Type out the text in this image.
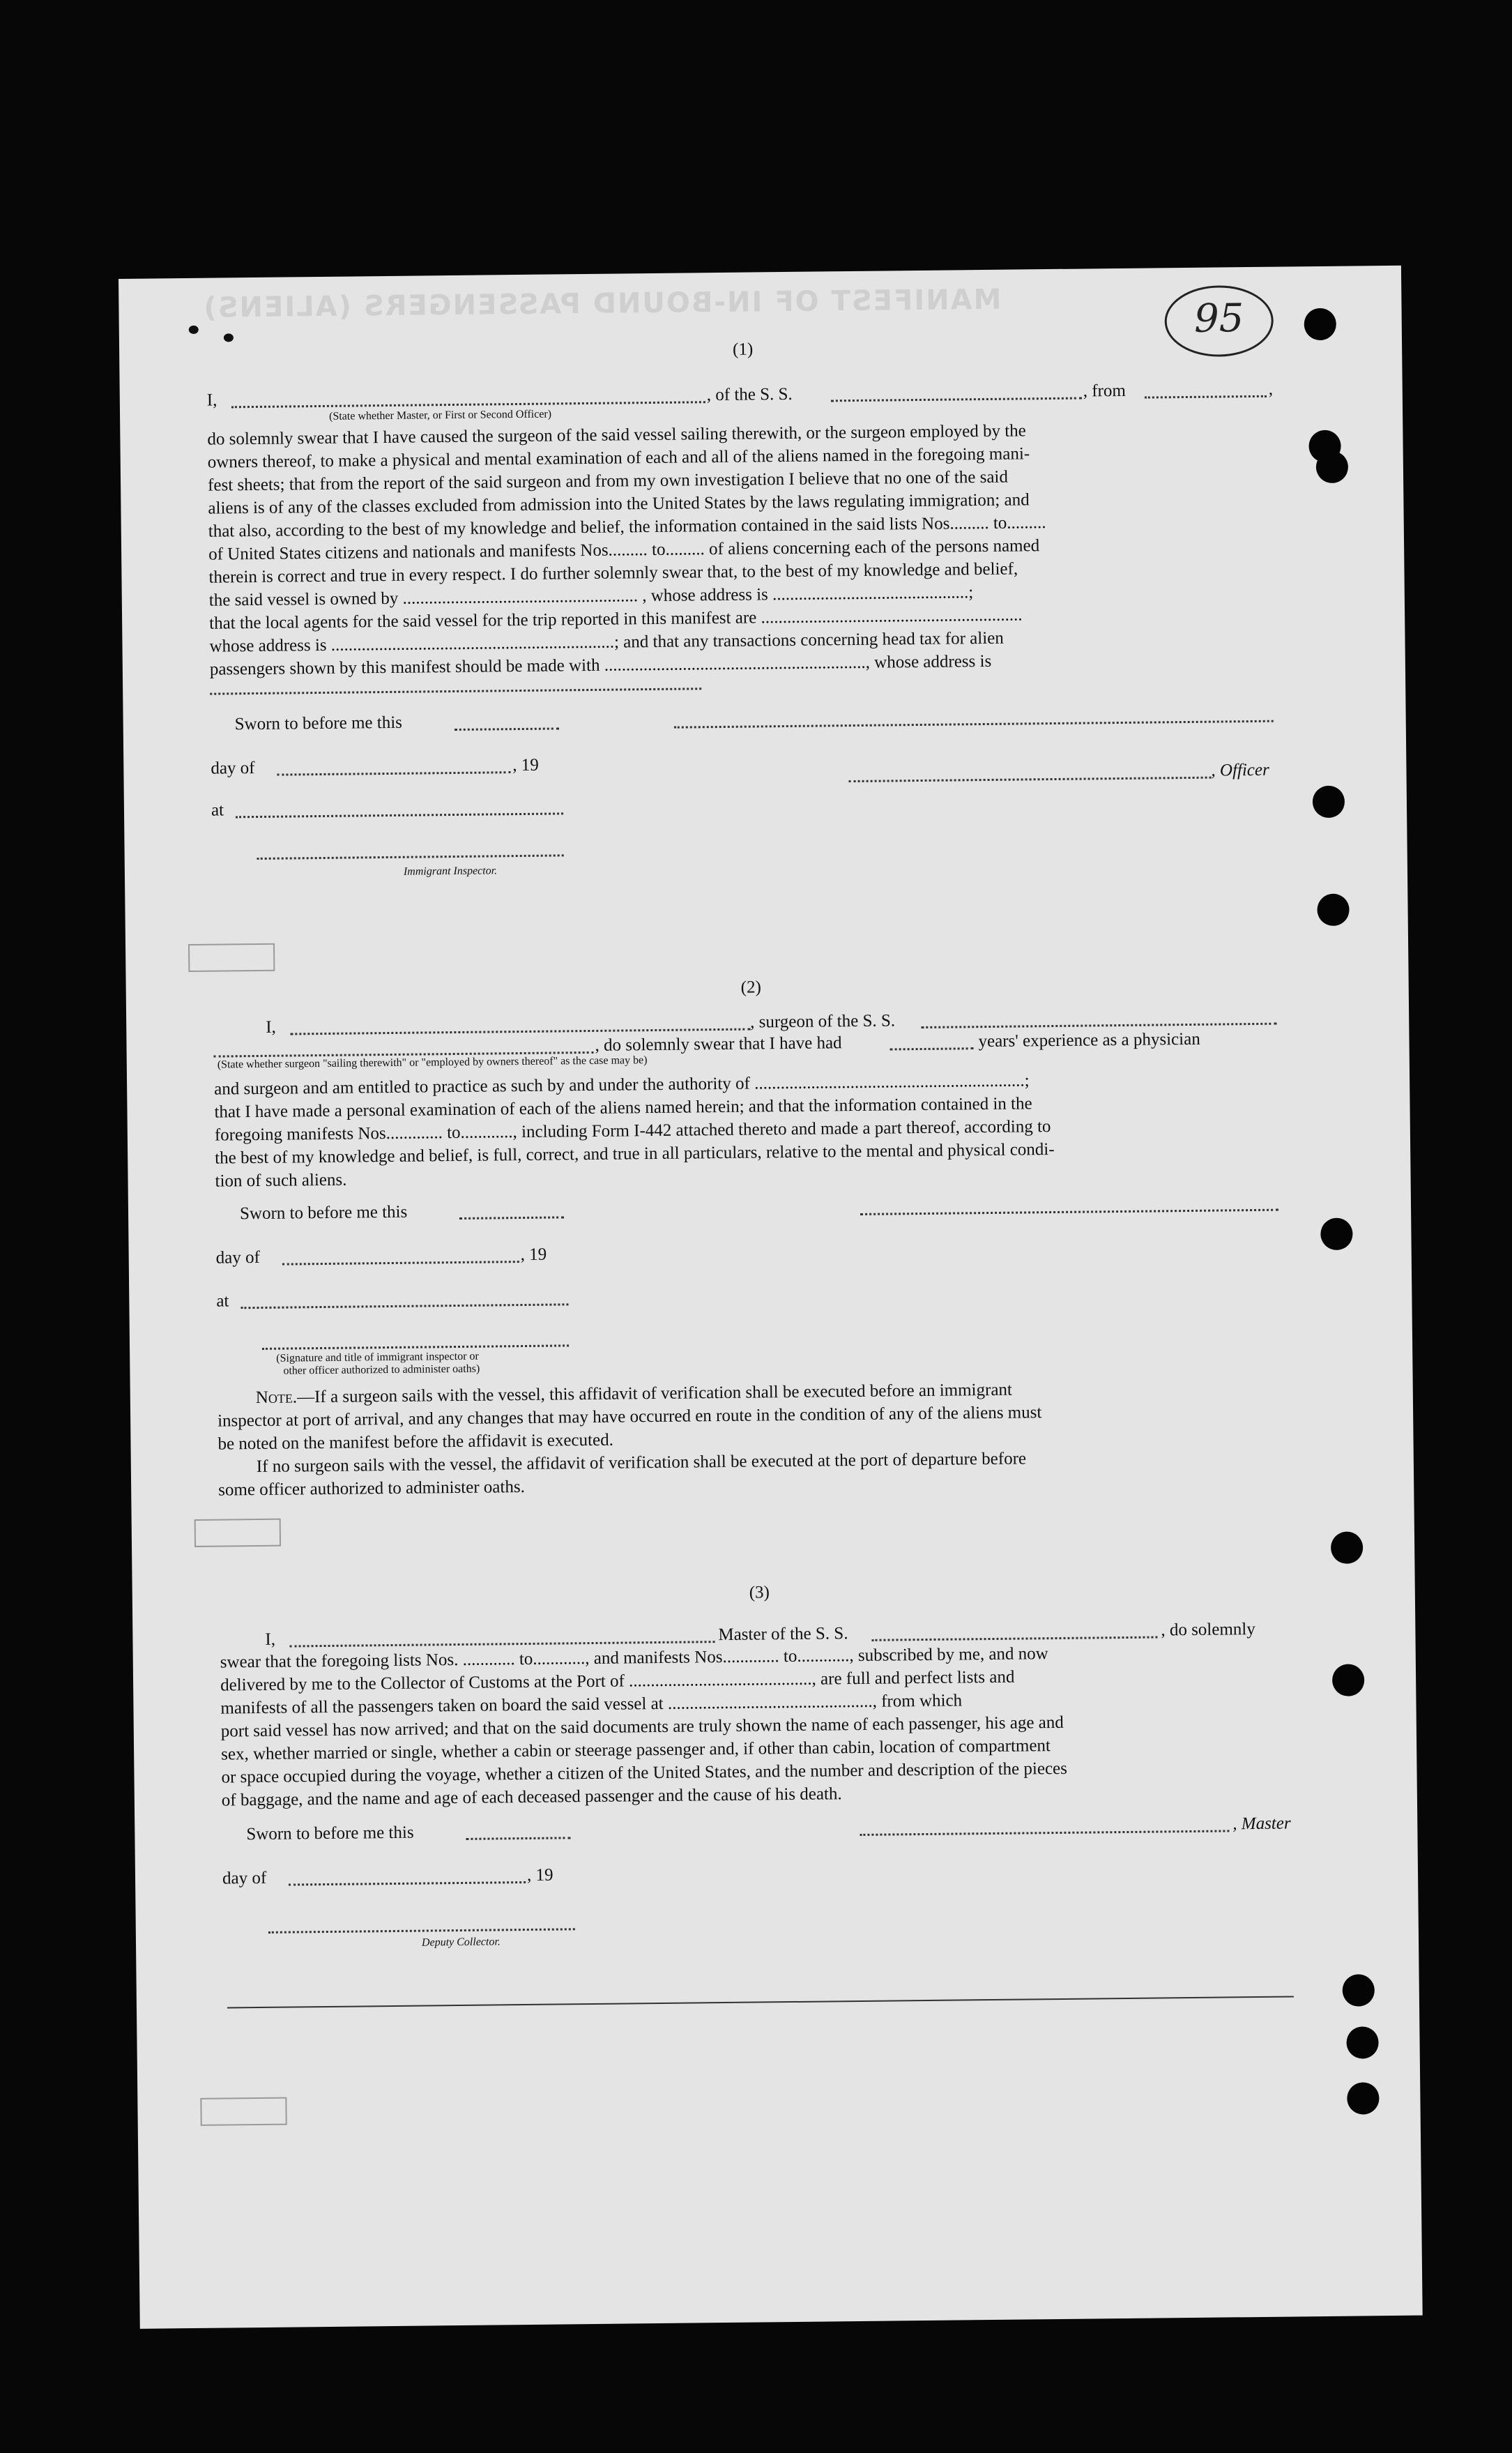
MANIFEST OF IN-BOUND PASSENGERS (ALIENS)	95
(1)
I,	, of the S. S.	, from	,
(State whether Master, or First or Second Officer)
do solemnly swear that I have caused the surgeon of the said vessel sailing therewith, or the surgeon employed by the
owners thereof, to make a physical and mental examination of each and all of the aliens named in the foregoing mani-
fest sheets; that from the report of the said surgeon and from my own investigation I believe that no one of the said
aliens is of any of the classes excluded from admission into the United States by the laws regulating immigration; and
that also, according to the best of my knowledge and belief, the information contained in the said lists Nos......... to.........
of United States citizens and nationals and manifests Nos......... to......... of aliens concerning each of the persons named
therein is correct and true in every respect. I do further solemnly swear that, to the best of my knowledge and belief,
the said vessel is owned by ...................................................... , whose address is .............................................;
that the local agents for the said vessel for the trip reported in this manifest are ............................................................
whose address is .................................................................; and that any transactions concerning head tax for alien
passengers shown by this manifest should be made with ............................................................, whose address is
Sworn to before me this
day of	, 19	, Officer
at
Immigrant Inspector.
(2)
I,	, surgeon of the S. S.
, do solemnly swear that I have had	years' experience as a physician
(State whether surgeon "sailing therewith" or "employed by owners thereof" as the case may be)
and surgeon and am entitled to practice as such by and under the authority of ..............................................................;
that I have made a personal examination of each of the aliens named herein; and that the information contained in the
foregoing manifests Nos............. to............, including Form I-442 attached thereto and made a part thereof, according to
the best of my knowledge and belief, is full, correct, and true in all particulars, relative to the mental and physical condi-
tion of such aliens.
Sworn to before me this
day of	, 19
at
(Signature and title of immigrant inspector or
other officer authorized to administer oaths)
Note.—If a surgeon sails with the vessel, this affidavit of verification shall be executed before an immigrant
inspector at port of arrival, and any changes that may have occurred en route in the condition of any of the aliens must
be noted on the manifest before the affidavit is executed.
If no surgeon sails with the vessel, the affidavit of verification shall be executed at the port of departure before
some officer authorized to administer oaths.
(3)
I,	Master of the S. S.	, do solemnly
swear that the foregoing lists Nos. ............ to............, and manifests Nos............. to............, subscribed by me, and now
delivered by me to the Collector of Customs at the Port of .........................................., are full and perfect lists and
manifests of all the passengers taken on board the said vessel at ..............................................., from which
port said vessel has now arrived; and that on the said documents are truly shown the name of each passenger, his age and
sex, whether married or single, whether a cabin or steerage passenger and, if other than cabin, location of compartment
or space occupied during the voyage, whether a citizen of the United States, and the number and description of the pieces
of baggage, and the name and age of each deceased passenger and the cause of his death.
Sworn to before me this	, Master
day of	, 19
Deputy Collector.
